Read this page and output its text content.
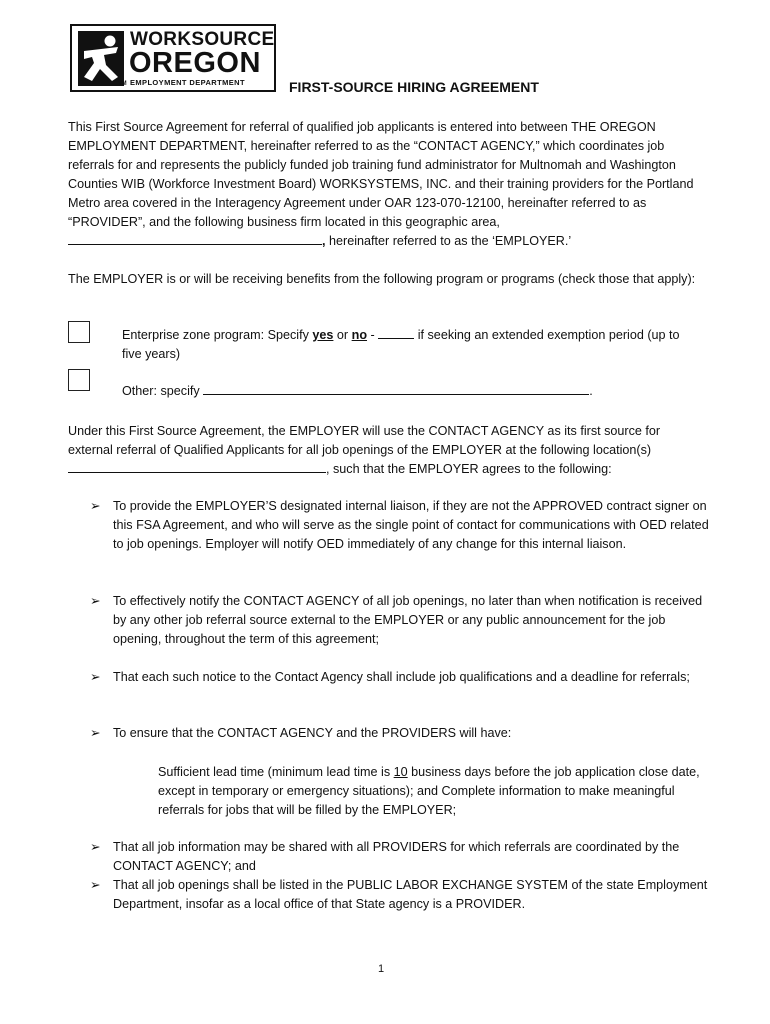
TM
WORKSOURCE
OREGON
EMPLOYMENT DEPARTMENT	FIRST-SOURCE HIRING AGREEMENT
This First Source Agreement for referral of qualified job applicants is entered into between THE OREGON EMPLOYMENT DEPARTMENT, hereinafter referred to as the “CONTACT AGENCY,” which coordinates job referrals for and represents the publicly funded job training fund administrator for Multnomah and Washington Counties WIB (Workforce Investment Board) WORKSYSTEMS, INC. and their training providers for the Portland Metro area covered in the Interagency Agreement under OAR 123-070-12100, hereinafter referred to as “PROVIDER”, and the following business firm located in this geographic area, , hereinafter referred to as the ‘EMPLOYER.’
The EMPLOYER is or will be receiving benefits from the following program or programs (check those that apply):
Enterprise zone program: Specify yes or no -	if seeking an extended exemption period (up to five years)
Other: specify	.
Under this First Source Agreement, the EMPLOYER will use the CONTACT AGENCY as its first source for external referral of Qualified Applicants for all job openings of the EMPLOYER at the following location(s) , such that the EMPLOYER agrees to the following:
➢ To provide the EMPLOYER’S designated internal liaison, if they are not the APPROVED contract signer on this FSA Agreement, and who will serve as the single point of contact for communications with OED related to job openings. Employer will notify OED immediately of any change for this internal liaison.
➢ To effectively notify the CONTACT AGENCY of all job openings, no later than when notification is received by any other job referral source external to the EMPLOYER or any public announcement for the job opening, throughout the term of this agreement;
➢ That each such notice to the Contact Agency shall include job qualifications and a deadline for referrals;
➢ To ensure that the CONTACT AGENCY and the PROVIDERS will have:
Sufficient lead time (minimum lead time is 10 business days before the job application close date, except in temporary or emergency situations); and Complete information to make meaningful referrals for jobs that will be filled by the EMPLOYER;
➢ That all job information may be shared with all PROVIDERS for which referrals are coordinated by the CONTACT AGENCY; and
➢ That all job openings shall be listed in the PUBLIC LABOR EXCHANGE SYSTEM of the state Employment Department, insofar as a local office of that State agency is a PROVIDER.
1
